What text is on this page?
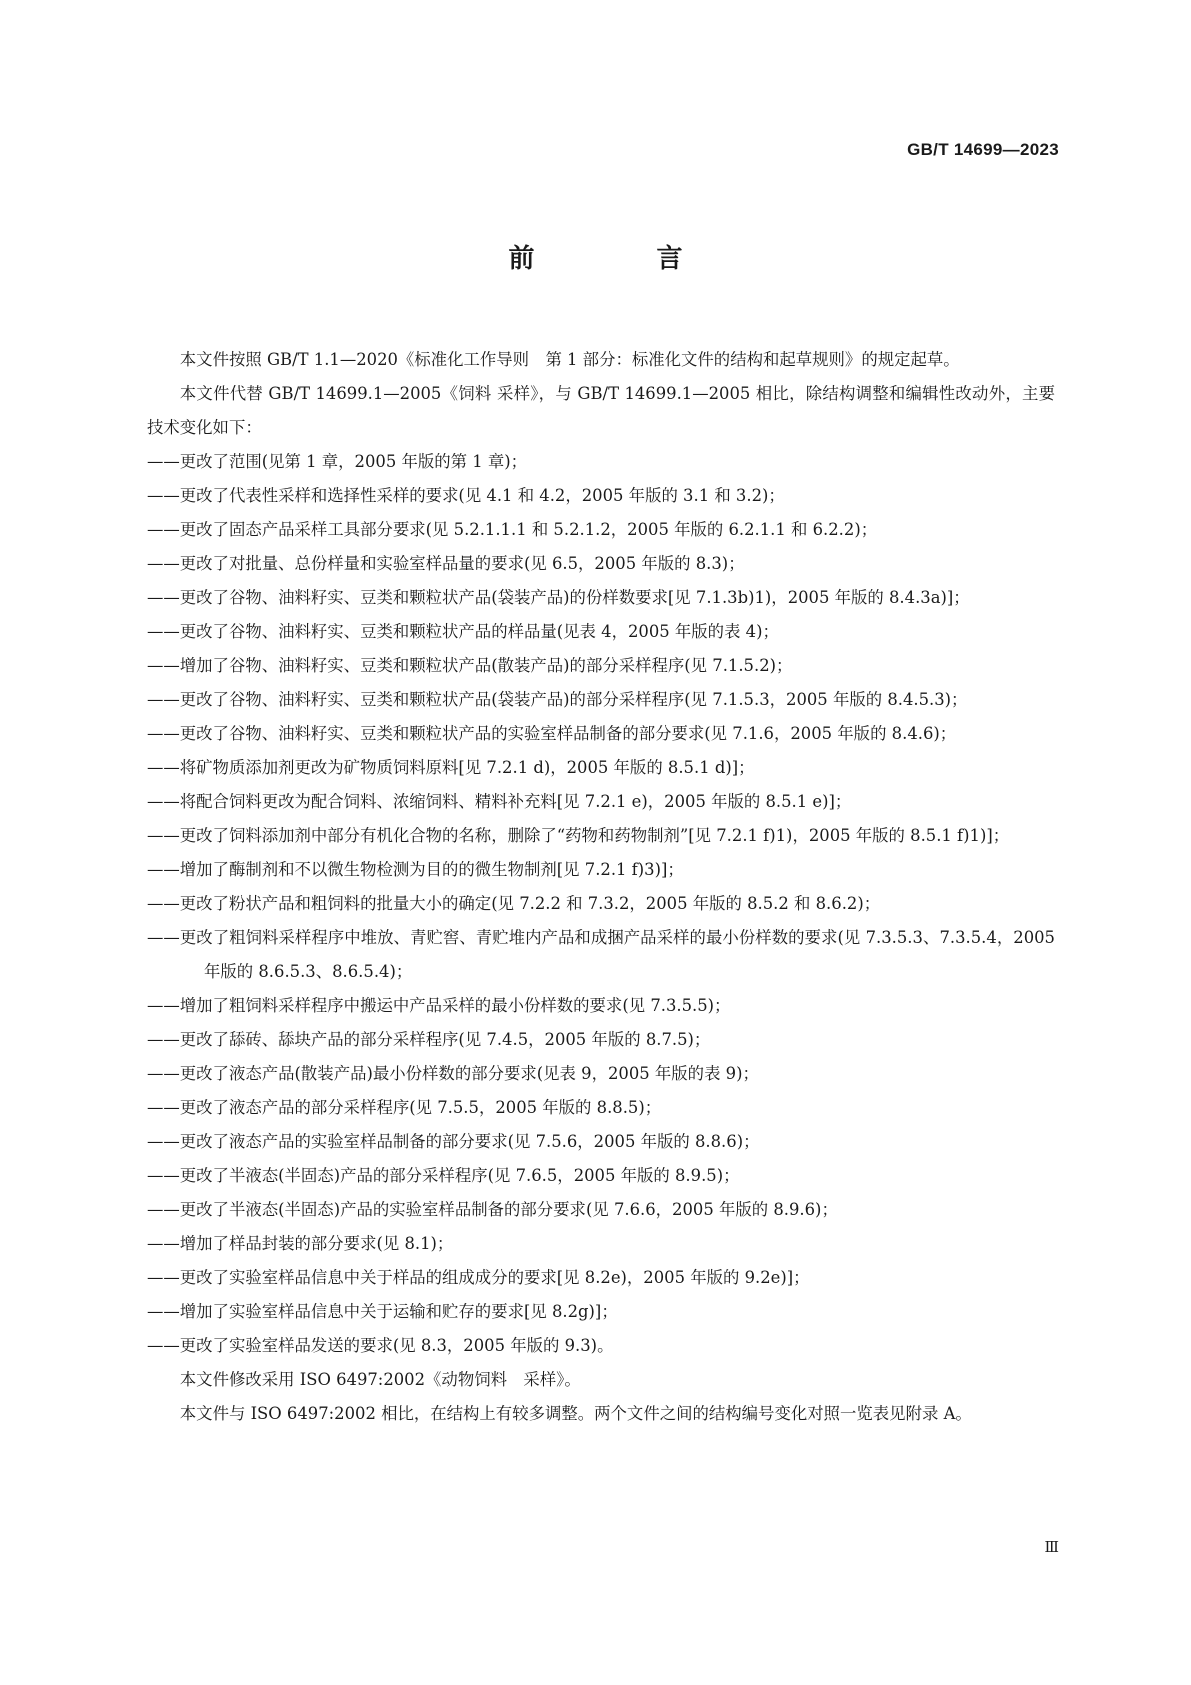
GB/T 14699—2023
前　言

本文件按照 GB/T 1.1—2020《标准化工作导则　第 1 部分：标准化文件的结构和起草规则》的规定起草。

本文件代替 GB/T 14699.1—2005《饲料 采样》，与 GB/T 14699.1—2005 相比，除结构调整和编辑性改动外，主要技术变化如下：

——更改了范围(见第 1 章，2005 年版的第 1 章)；

——更改了代表性采样和选择性采样的要求(见 4.1 和 4.2，2005 年版的 3.1 和 3.2)；

——更改了固态产品采样工具部分要求(见 5.2.1.1.1 和 5.2.1.2，2005 年版的 6.2.1.1 和 6.2.2)；

——更改了对批量、总份样量和实验室样品量的要求(见 6.5，2005 年版的 8.3)；

——更改了谷物、油料籽实、豆类和颗粒状产品(袋装产品)的份样数要求[见 7.1.3b)1)，2005 年版的 8.4.3a)]；

——更改了谷物、油料籽实、豆类和颗粒状产品的样品量(见表 4，2005 年版的表 4)；

——增加了谷物、油料籽实、豆类和颗粒状产品(散装产品)的部分采样程序(见 7.1.5.2)；

——更改了谷物、油料籽实、豆类和颗粒状产品(袋装产品)的部分采样程序(见 7.1.5.3，2005 年版的 8.4.5.3)；

——更改了谷物、油料籽实、豆类和颗粒状产品的实验室样品制备的部分要求(见 7.1.6，2005 年版的 8.4.6)；

——将矿物质添加剂更改为矿物质饲料原料[见 7.2.1 d)，2005 年版的 8.5.1 d)]；

——将配合饲料更改为配合饲料、浓缩饲料、精料补充料[见 7.2.1 e)，2005 年版的 8.5.1 e)]；

——更改了饲料添加剂中部分有机化合物的名称，删除了“药物和药物制剂”[见 7.2.1 f)1)，2005 年版的 8.5.1 f)1)]；

——增加了酶制剂和不以微生物检测为目的的微生物制剂[见 7.2.1 f)3)]；

——更改了粉状产品和粗饲料的批量大小的确定(见 7.2.2 和 7.3.2，2005 年版的 8.5.2 和 8.6.2)；

——更改了粗饲料采样程序中堆放、青贮窖、青贮堆内产品和成捆产品采样的最小份样数的要求(见 7.3.5.3、7.3.5.4，2005 年版的 8.6.5.3、8.6.5.4)；

——增加了粗饲料采样程序中搬运中产品采样的最小份样数的要求(见 7.3.5.5)；

——更改了舔砖、舔块产品的部分采样程序(见 7.4.5，2005 年版的 8.7.5)；

——更改了液态产品(散装产品)最小份样数的部分要求(见表 9，2005 年版的表 9)；

——更改了液态产品的部分采样程序(见 7.5.5，2005 年版的 8.8.5)；

——更改了液态产品的实验室样品制备的部分要求(见 7.5.6，2005 年版的 8.8.6)；

——更改了半液态(半固态)产品的部分采样程序(见 7.6.5，2005 年版的 8.9.5)；

——更改了半液态(半固态)产品的实验室样品制备的部分要求(见 7.6.6，2005 年版的 8.9.6)；

——增加了样品封装的部分要求(见 8.1)；

——更改了实验室样品信息中关于样品的组成成分的要求[见 8.2e)，2005 年版的 9.2e)]；

——增加了实验室样品信息中关于运输和贮存的要求[见 8.2g)]；

——更改了实验室样品发送的要求(见 8.3，2005 年版的 9.3)。

本文件修改采用 ISO 6497:2002《动物饲料　采样》。

本文件与 ISO 6497:2002 相比，在结构上有较多调整。两个文件之间的结构编号变化对照一览表见附录 A。

Ⅲ
